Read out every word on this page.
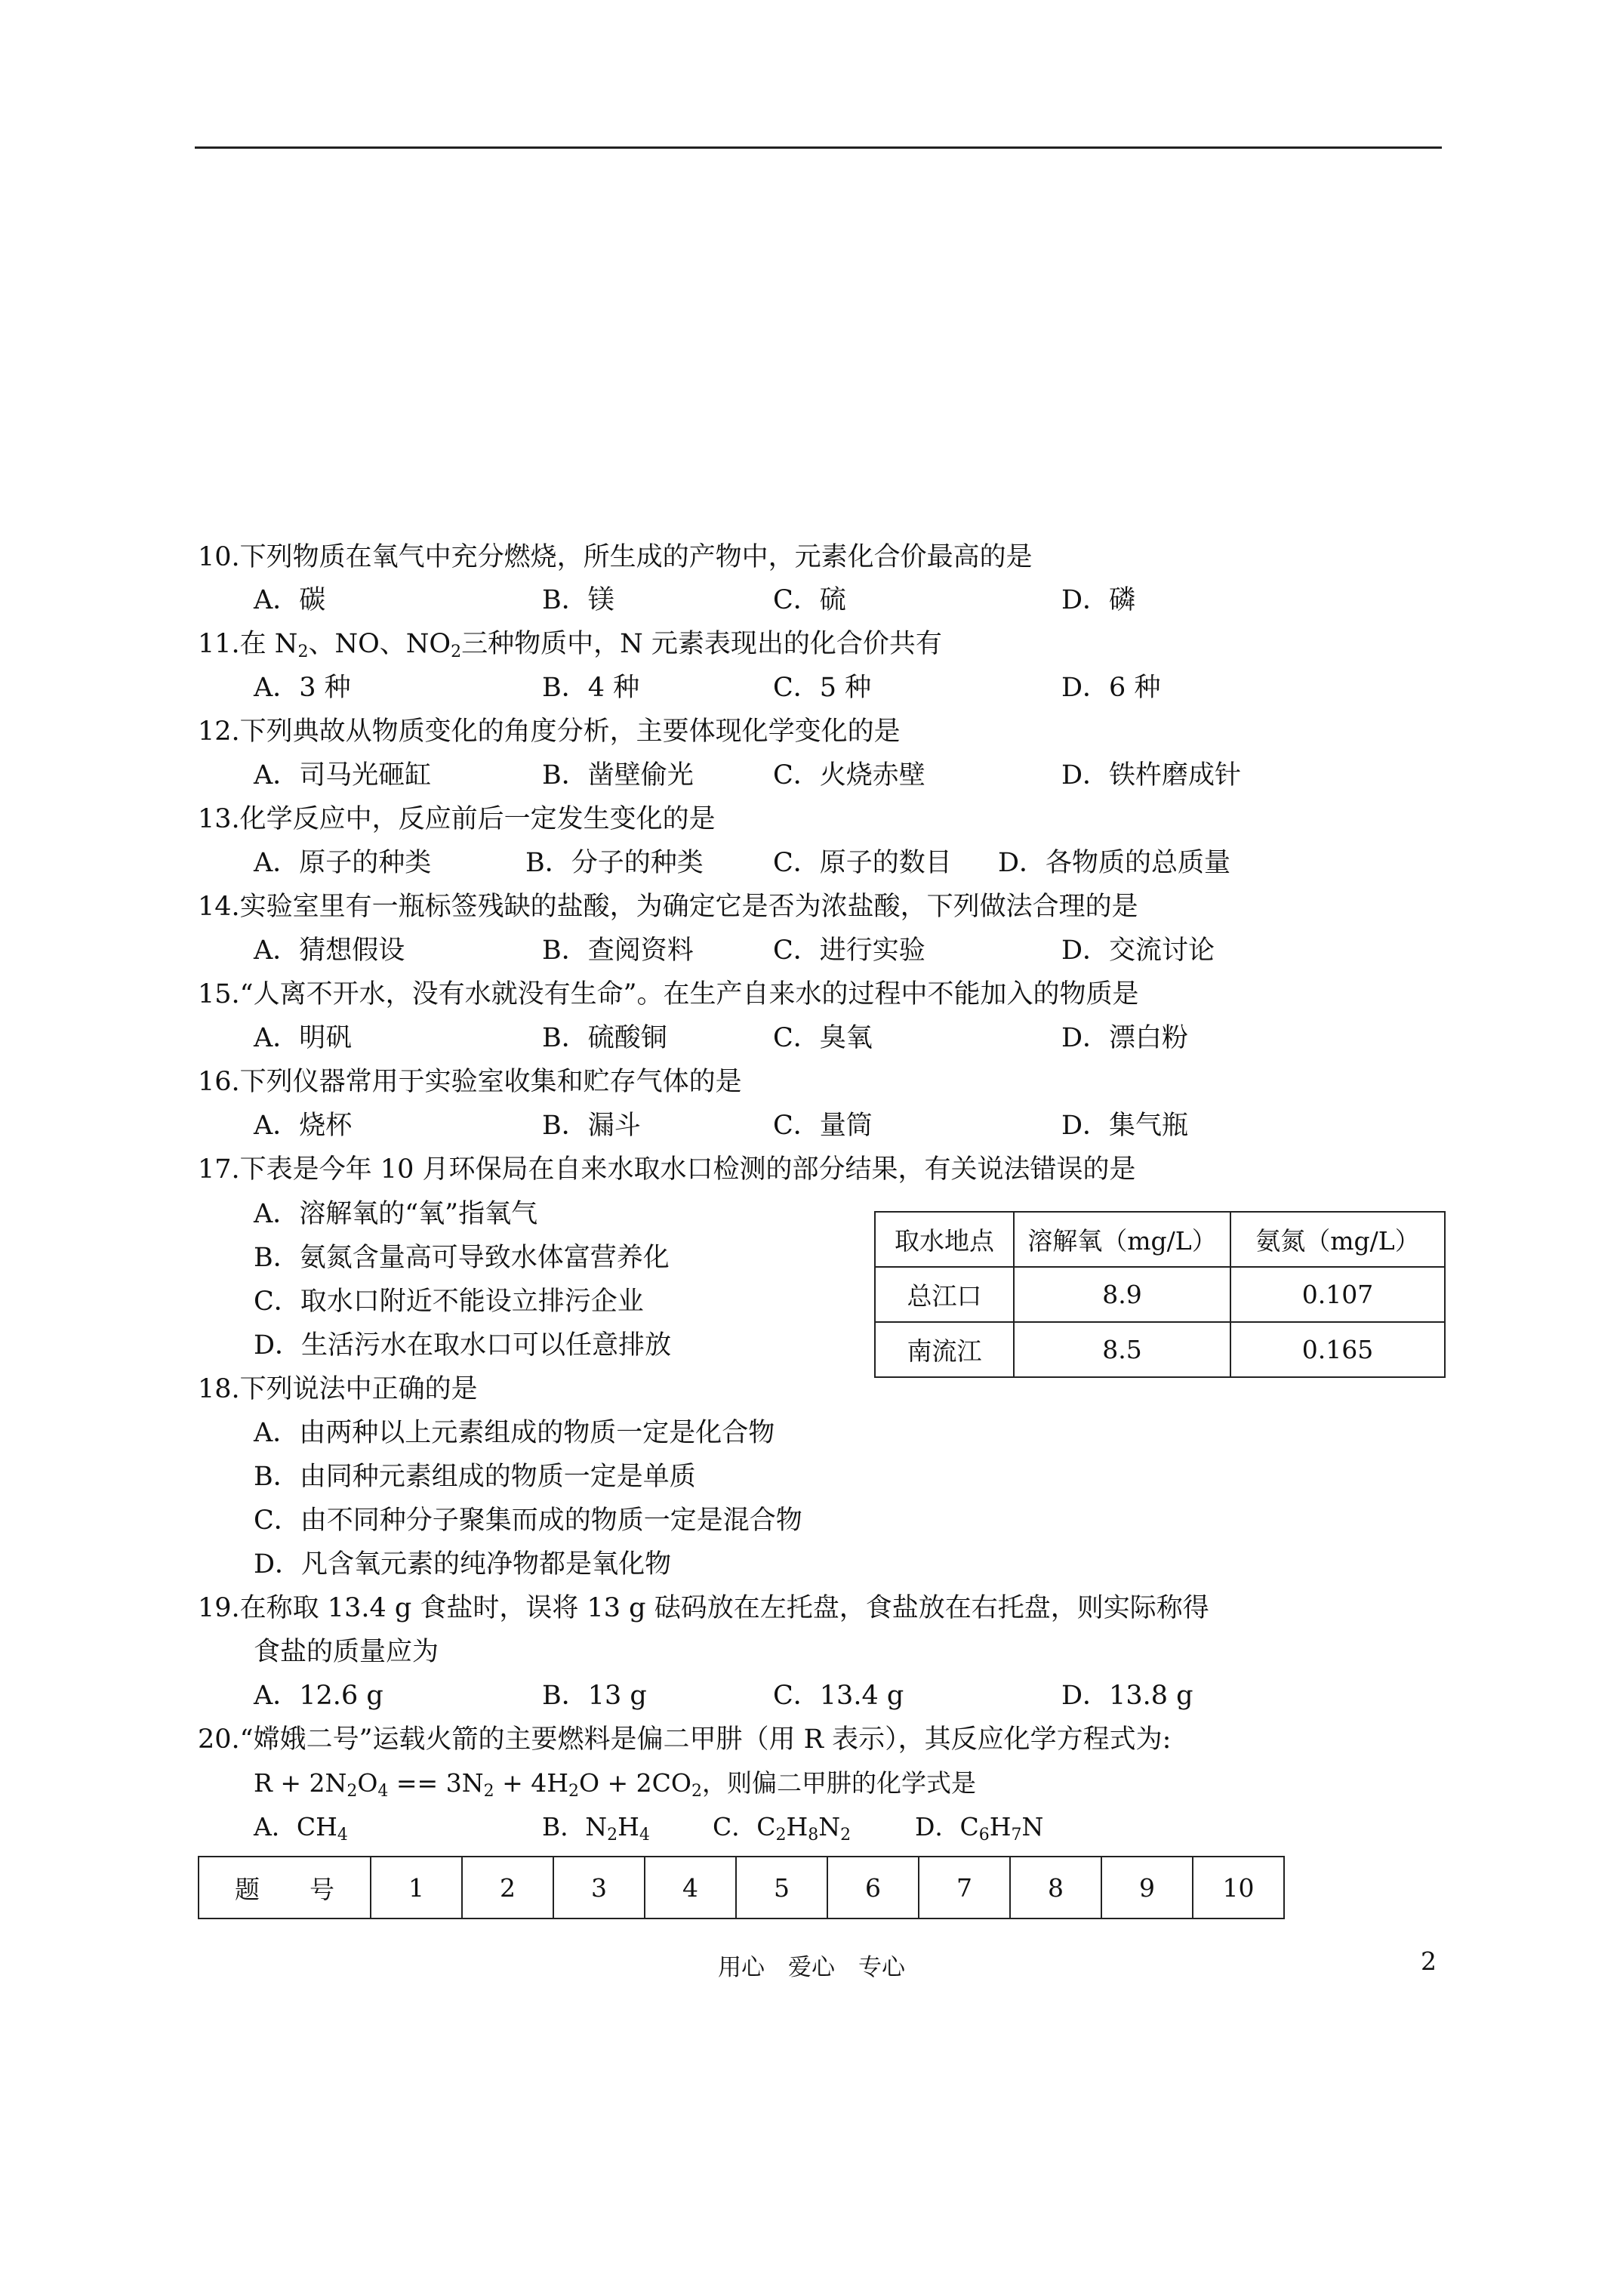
10.下列物质在氧气中充分燃烧，所生成的产物中，元素化合价最高的是
A．碳	B．镁	C．硫	D．磷
11.在 $N_2$、NO、$NO_2$三种物质中，N 元素表现出的化合价共有
A．3 种	B．4 种	C．5 种	D．6 种
12.下列典故从物质变化的角度分析，主要体现化学变化的是
A．司马光砸缸	B．凿壁偷光	C．火烧赤壁	D．铁杵磨成针
13.化学反应中，反应前后一定发生变化的是
A．原子的种类	B．分子的种类	C．原子的数目 D．各物质的总质量
14.实验室里有一瓶标签残缺的盐酸，为确定它是否为浓盐酸，下列做法合理的是
A．猜想假设	B．查阅资料	C．进行实验	D．交流讨论
15.“人离不开水，没有水就没有生命”。在生产自来水的过程中不能加入的物质是
A．明矾	B．硫酸铜	C．臭氧	D．漂白粉
16.下列仪器常用于实验室收集和贮存气体的是
A．烧杯	B．漏斗	C．量筒	D．集气瓶
17.下表是今年 10 月环保局在自来水取水口检测的部分结果，有关说法错误的是
A．溶解氧的“氧”指氧气
B．氨氮含量高可导致水体富营养化
C．取水口附近不能设立排污企业
D．生活污水在取水口可以任意排放
取水地点	溶解氧（mg/L）	氨氮（mg/L）
总江口	8.9	0.107
南流江	8.5	0.165
18.下列说法中正确的是
A．由两种以上元素组成的物质一定是化合物
B．由同种元素组成的物质一定是单质
C．由不同种分子聚集而成的物质一定是混合物
D．凡含氧元素的纯净物都是氧化物
19.在称取 13.4 g 食盐时，误将 13 g 砝码放在左托盘，食盐放在右托盘，则实际称得
食盐的质量应为
A．12.6 g	B．13 g	C．13.4 g	D．13.8 g
20.“嫦娥二号”运载火箭的主要燃料是偏二甲肼（用 R 表示），其反应化学方程式为:
$R + 2N_2O_4 == 3N_2 + 4H_2O + 2CO_2$，则偏二甲肼的化学式是
A．$CH_4$	B．$N_2H_4$	C．$C_2H_8N_2$	D．$C_6H_7N$
题　　号	1	2	3	4	5	6	7	8	9	10
用心　爱心　专心	2
